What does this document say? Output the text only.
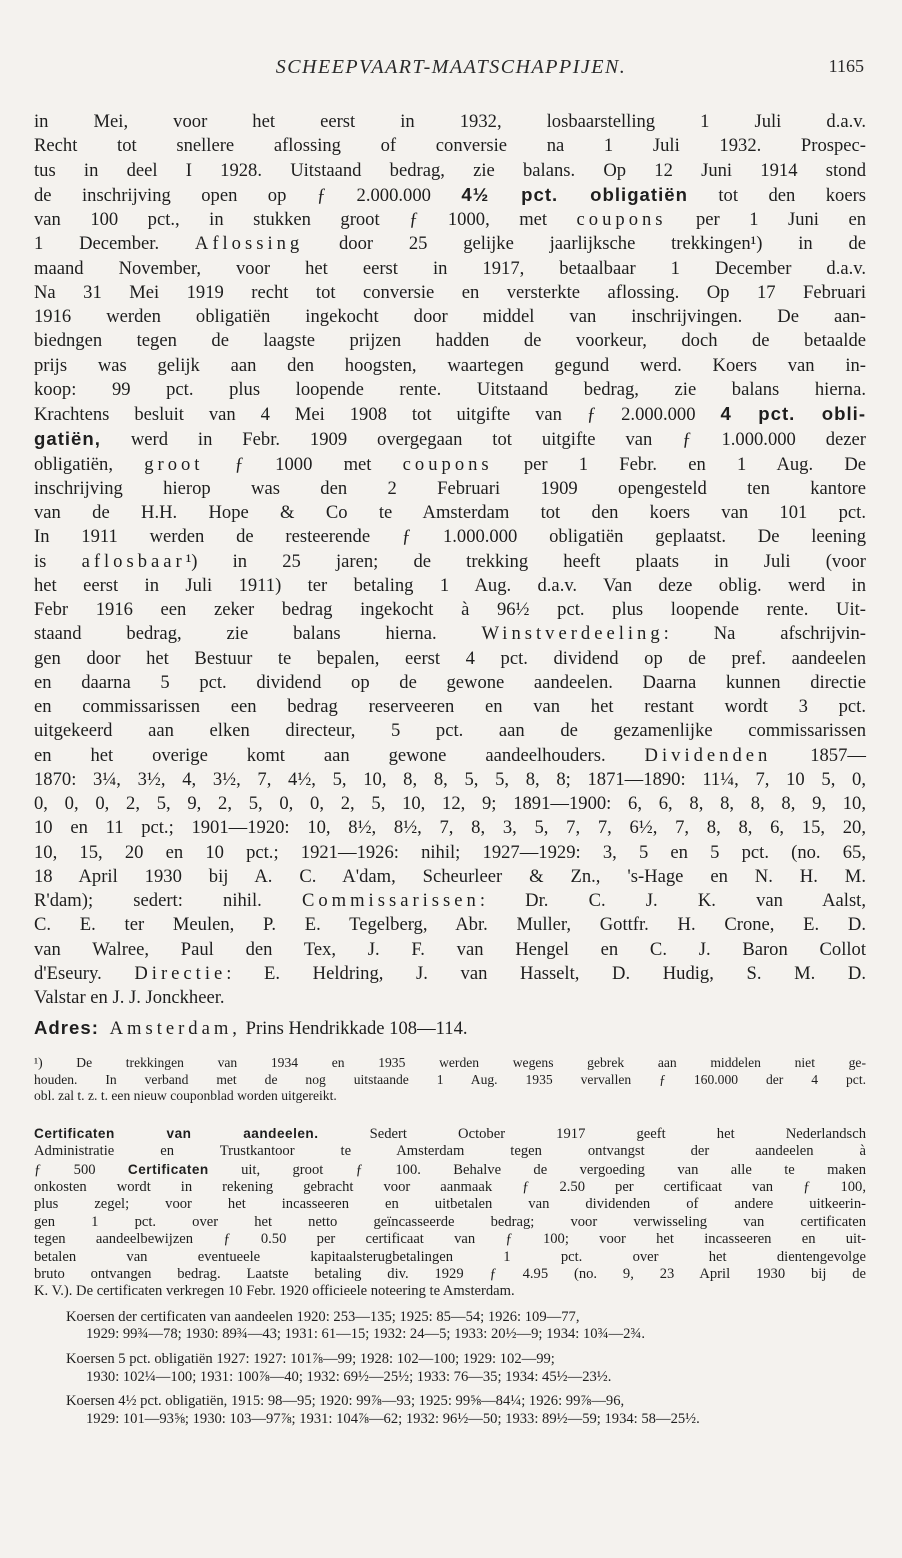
SCHEEPVAART-MAATSCHAPPIJEN.	1165
in Mei, voor het eerst in 1932, losbaarstelling 1 Juli d.a.v.
Recht tot snellere aflossing of conversie na 1 Juli 1932. Prospec-
tus in deel I 1928. Uitstaand bedrag, zie balans. Op 12 Juni 1914 stond
de inschrijving open op ƒ 2.000.000 4½ pct. obligatiën tot den koers
van 100 pct., in stukken groot ƒ 1000, met coupons per 1 Juni en
1 December. Aflossing door 25 gelijke jaarlijksche trekkingen¹) in de
maand November, voor het eerst in 1917, betaalbaar 1 December d.a.v.
Na 31 Mei 1919 recht tot conversie en versterkte aflossing. Op 17 Februari
1916 werden obligatiën ingekocht door middel van inschrijvingen. De aan-
biedngen tegen de laagste prijzen hadden de voorkeur, doch de betaalde
prijs was gelijk aan den hoogsten, waartegen gegund werd. Koers van in-
koop: 99 pct. plus loopende rente. Uitstaand bedrag, zie balans hierna.
Krachtens besluit van 4 Mei 1908 tot uitgifte van ƒ 2.000.000 4 pct. obli-
gatiën, werd in Febr. 1909 overgegaan tot uitgifte van ƒ 1.000.000 dezer
obligatiën, groot ƒ 1000 met coupons per 1 Febr. en 1 Aug. De
inschrijving hierop was den 2 Februari 1909 opengesteld ten kantore
van de H.H. Hope & Co te Amsterdam tot den koers van 101 pct.
In 1911 werden de resteerende ƒ 1.000.000 obligatiën geplaatst. De leening
is aflosbaar¹) in 25 jaren; de trekking heeft plaats in Juli (voor
het eerst in Juli 1911) ter betaling 1 Aug. d.a.v. Van deze oblig. werd in
Febr 1916 een zeker bedrag ingekocht à 96½ pct. plus loopende rente. Uit-
staand bedrag, zie balans hierna. Winstverdeeling: Na afschrijvin-
gen door het Bestuur te bepalen, eerst 4 pct. dividend op de pref. aandeelen
en daarna 5 pct. dividend op de gewone aandeelen. Daarna kunnen directie
en commissarissen een bedrag reserveeren en van het restant wordt 3 pct.
uitgekeerd aan elken directeur, 5 pct. aan de gezamenlijke commissarissen
en het overige komt aan gewone aandeelhouders. Dividenden 1857—
1870: 3¼, 3½, 4, 3½, 7, 4½, 5, 10, 8, 8, 5, 5, 8, 8; 1871—1890: 11¼, 7, 10 5, 0,
0, 0, 0, 2, 5, 9, 2, 5, 0, 0, 2, 5, 10, 12, 9; 1891—1900: 6, 6, 8, 8, 8, 8, 9, 10,
10 en 11 pct.; 1901—1920: 10, 8½, 8½, 7, 8, 3, 5, 7, 7, 6½, 7, 8, 8, 6, 15, 20,
10, 15, 20 en 10 pct.; 1921—1926: nihil; 1927—1929: 3, 5 en 5 pct. (no. 65,
18 April 1930 bij A. C. A'dam, Scheurleer & Zn., 's-Hage en N. H. M.
R'dam); sedert: nihil. Commissarissen: Dr. C. J. K. van Aalst,
C. E. ter Meulen, P. E. Tegelberg, Abr. Muller, Gottfr. H. Crone, E. D.
van Walree, Paul den Tex, J. F. van Hengel en C. J. Baron Collot
d'Eseury. Directie: E. Heldring, J. van Hasselt, D. Hudig, S. M. D.
Valstar en J. J. Jonckheer.
Adres: Amsterdam, Prins Hendrikkade 108—114.
¹) De trekkingen van 1934 en 1935 werden wegens gebrek aan middelen niet ge-
houden. In verband met de nog uitstaande 1 Aug. 1935 vervallen ƒ 160.000 der 4 pct.
obl. zal t. z. t. een nieuw couponblad worden uitgereikt.
Certificaten van aandeelen. Sedert October 1917 geeft het Nederlandsch
Administratie en Trustkantoor te Amsterdam tegen ontvangst der aandeelen à
ƒ 500 Certificaten uit, groot ƒ 100. Behalve de vergoeding van alle te maken
onkosten wordt in rekening gebracht voor aanmaak ƒ 2.50 per certificaat van ƒ 100,
plus zegel; voor het incasseeren en uitbetalen van dividenden of andere uitkeerin-
gen 1 pct. over het netto geïncasseerde bedrag; voor verwisseling van certificaten
tegen aandeelbewijzen ƒ 0.50 per certificaat van ƒ 100; voor het incasseeren en uit-
betalen van eventueele kapitaalsterugbetalingen 1 pct. over het dientengevolge
bruto ontvangen bedrag. Laatste betaling div. 1929 ƒ 4.95 (no. 9, 23 April 1930 bij de
K. V.). De certificaten verkregen 10 Febr. 1920 officieele noteering te Amsterdam.
Koersen der certificaten van aandeelen 1920: 253—135; 1925: 85—54; 1926: 109—77,
1929: 99¾—78; 1930: 89¾—43; 1931: 61—15; 1932: 24—5; 1933: 20½—9; 1934: 10¾—2¾.
Koersen 5 pct. obligatiën 1927: 1927: 101⅞—99; 1928: 102—100; 1929: 102—99;
1930: 102¼—100; 1931: 100⅞—40; 1932: 69½—25½; 1933: 76—35; 1934: 45½—23½.
Koersen 4½ pct. obligatiën, 1915: 98—95; 1920: 99⅞—93; 1925: 99⅝—84¼; 1926: 99⅞—96,
1929: 101—93⅝; 1930: 103—97⅞; 1931: 104⅞—62; 1932: 96½—50; 1933: 89½—59; 1934: 58—25½.
